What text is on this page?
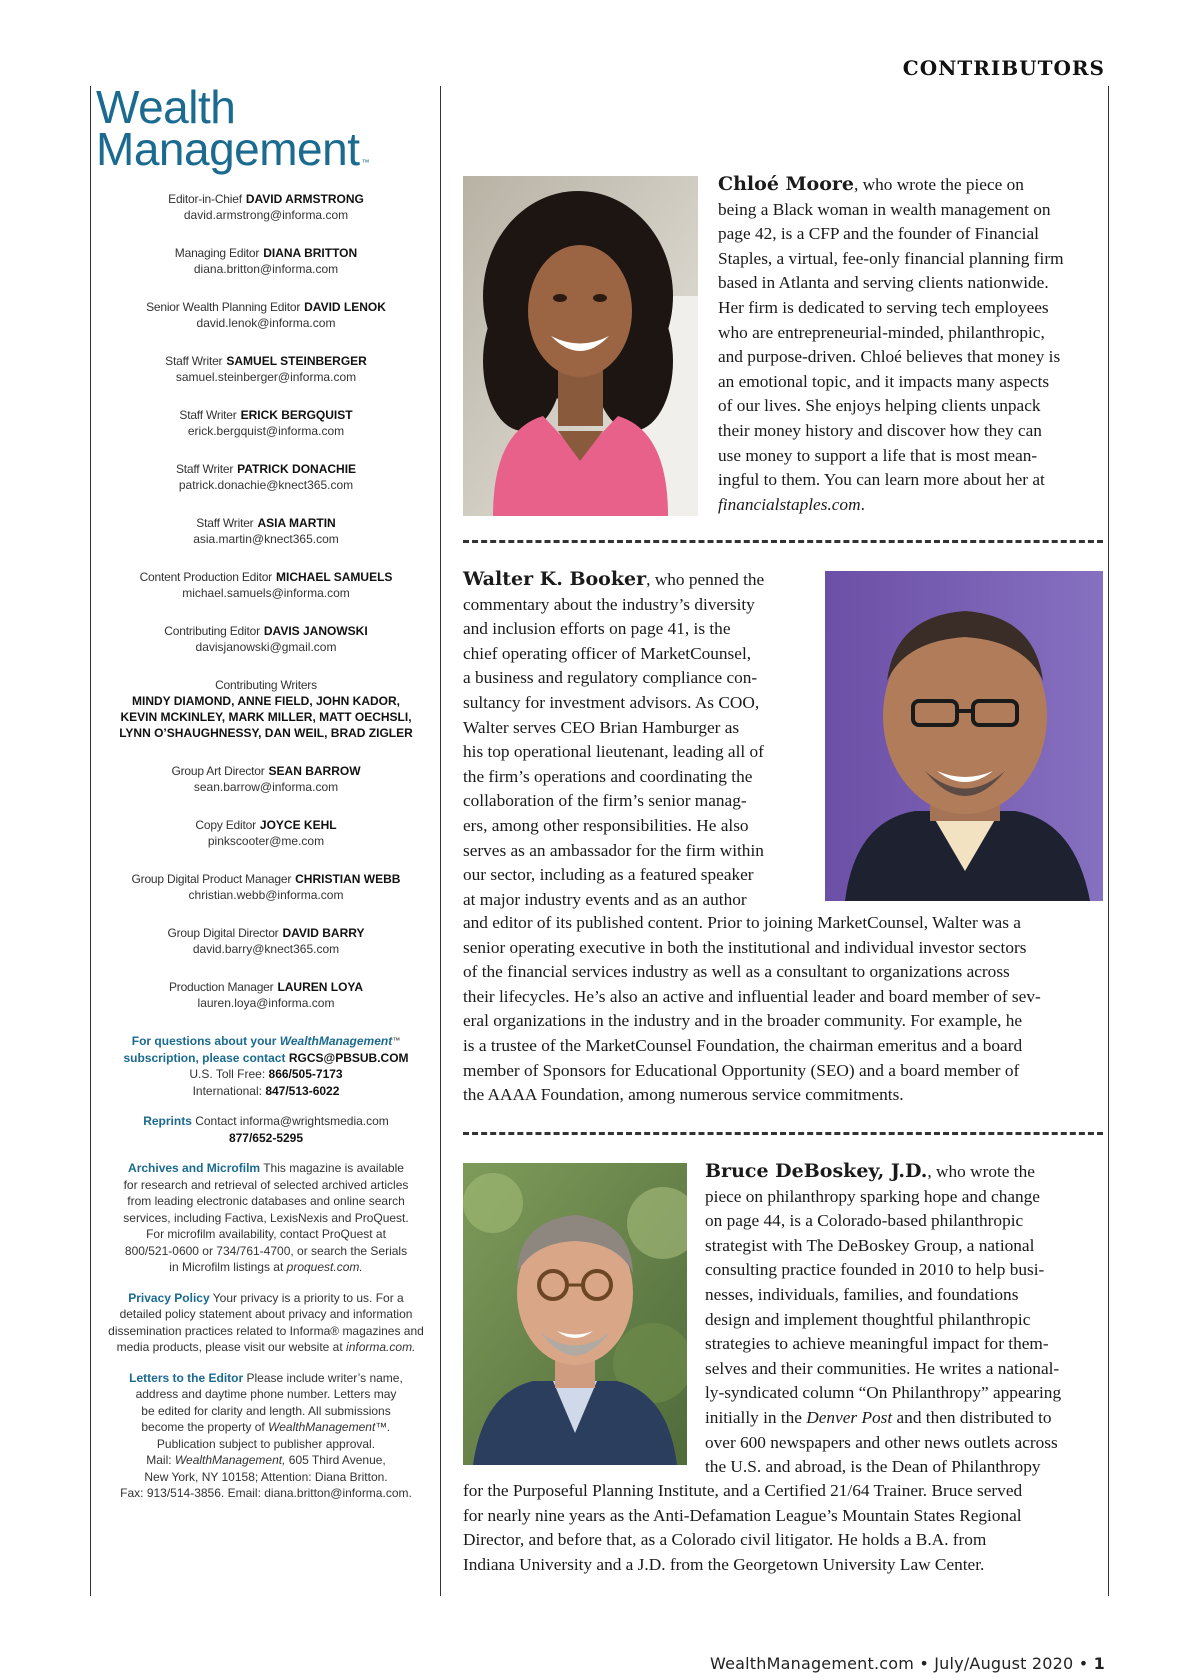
CONTRIBUTORS
Wealth
Management ™
Editor-in-Chief DAVID ARMSTRONG
david.armstrong@informa.com
Managing Editor DIANA BRITTON
diana.britton@informa.com
Senior Wealth Planning Editor DAVID LENOK
david.lenok@informa.com
Staff Writer SAMUEL STEINBERGER
samuel.steinberger@informa.com
Staff Writer ERICK BERGQUIST
erick.bergquist@informa.com
Staff Writer PATRICK DONACHIE
patrick.donachie@knect365.com
Staff Writer ASIA MARTIN
asia.martin@knect365.com
Content Production Editor MICHAEL SAMUELS
michael.samuels@informa.com
Contributing Editor DAVIS JANOWSKI
davisjanowski@gmail.com
Contributing Writers
MINDY DIAMOND, ANNE FIELD, JOHN KADOR,
KEVIN MCKINLEY, MARK MILLER, MATT OECHSLI,
LYNN O’SHAUGHNESSY, DAN WEIL, BRAD ZIGLER
Group Art Director SEAN BARROW
sean.barrow@informa.com
Copy Editor JOYCE KEHL
pinkscooter@me.com
Group Digital Product Manager CHRISTIAN WEBB
christian.webb@informa.com
Group Digital Director DAVID BARRY
david.barry@knect365.com
Production Manager LAUREN LOYA
lauren.loya@informa.com
For questions about your WealthManagement™
subscription, please contact RGCS@PBSUB.COM
U.S. Toll Free: 866/505-7173
International: 847/513-6022
Reprints Contact informa@wrightsmedia.com
877/652-5295
Archives and Microfilm This magazine is available
for research and retrieval of selected archived articles
from leading electronic databases and online search
services, including Factiva, LexisNexis and ProQuest.
For microfilm availability, contact ProQuest at
800/521-0600 or 734/761-4700, or search the Serials
in Microfilm listings at proquest.com.
Privacy Policy Your privacy is a priority to us. For a
detailed policy statement about privacy and information
dissemination practices related to Informa® magazines and
media products, please visit our website at informa.com.
Letters to the Editor Please include writer’s name,
address and daytime phone number. Letters may
be edited for clarity and length. All submissions
become the property of WealthManagement™.
Publication subject to publisher approval.
Mail: WealthManagement, 605 Third Avenue,
New York, NY 10158; Attention: Diana Britton.
Fax: 913/514-3856. Email: diana.britton@informa.com.
Chloé Moore, who wrote the piece on
being a Black woman in wealth management on
page 42, is a CFP and the founder of Financial
Staples, a virtual, fee-only financial planning firm
based in Atlanta and serving clients nationwide.
Her firm is dedicated to serving tech employees
who are entrepreneurial-minded, philanthropic,
and purpose-driven. Chloé believes that money is
an emotional topic, and it impacts many aspects
of our lives. She enjoys helping clients unpack
their money history and discover how they can
use money to support a life that is most mean-
ingful to them. You can learn more about her at
financialstaples.com.
Walter K. Booker, who penned the
commentary about the industry’s diversity
and inclusion efforts on page 41, is the
chief operating officer of MarketCounsel,
a business and regulatory compliance con-
sultancy for investment advisors. As COO,
Walter serves CEO Brian Hamburger as
his top operational lieutenant, leading all of
the firm’s operations and coordinating the
collaboration of the firm’s senior manag-
ers, among other responsibilities. He also
serves as an ambassador for the firm within
our sector, including as a featured speaker
at major industry events and as an author
and editor of its published content. Prior to joining MarketCounsel, Walter was a
senior operating executive in both the institutional and individual investor sectors
of the financial services industry as well as a consultant to organizations across
their lifecycles. He’s also an active and influential leader and board member of sev-
eral organizations in the industry and in the broader community. For example, he
is a trustee of the MarketCounsel Foundation, the chairman emeritus and a board
member of Sponsors for Educational Opportunity (SEO) and a board member of
the AAAA Foundation, among numerous service commitments.
Bruce DeBoskey, J.D., who wrote the
piece on philanthropy sparking hope and change
on page 44, is a Colorado-based philanthropic
strategist with The DeBoskey Group, a national
consulting practice founded in 2010 to help busi-
nesses, individuals, families, and foundations
design and implement thoughtful philanthropic
strategies to achieve meaningful impact for them-
selves and their communities. He writes a national-
ly-syndicated column “On Philanthropy” appearing
initially in the Denver Post and then distributed to
over 600 newspapers and other news outlets across
the U.S. and abroad, is the Dean of Philanthropy
for the Purposeful Planning Institute, and a Certified 21/64 Trainer. Bruce served
for nearly nine years as the Anti-Defamation League’s Mountain States Regional
Director, and before that, as a Colorado civil litigator. He holds a B.A. from
Indiana University and a J.D. from the Georgetown University Law Center.
WealthManagement.com • July/August 2020 • 1
